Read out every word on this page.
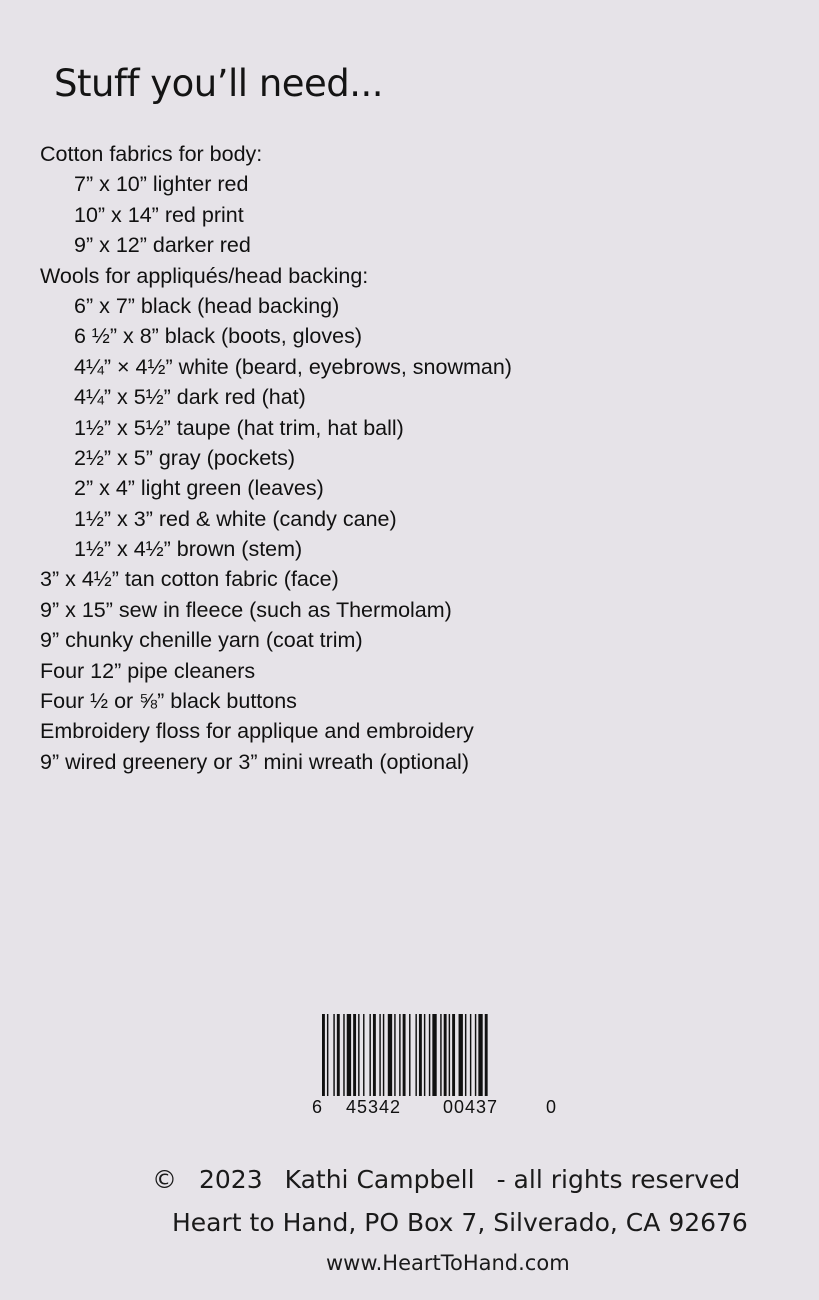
Stuff you’ll need...
Cotton fabrics for body:
7” x 10” lighter red
10” x 14” red print
9” x 12” darker red
Wools for appliqués/head backing:
6” x 7” black (head backing)
6 ½” x 8” black (boots, gloves)
4¼” × 4½” white (beard, eyebrows, snowman)
4¼” x 5½” dark red (hat)
1½” x 5½” taupe (hat trim, hat ball)
2½” x 5” gray (pockets)
2” x 4” light green (leaves)
1½” x 3” red & white (candy cane)
1½” x 4½” brown (stem)
3” x 4½” tan cotton fabric (face)
9” x 15” sew in fleece (such as Thermolam)
9” chunky chenille yarn (coat trim)
Four 12” pipe cleaners
Four ½ or ⅝” black buttons
Embroidery floss for applique and embroidery
9” wired greenery or 3” mini wreath (optional)
6 45342 00437	0
© 2023 Kathi Campbell - all rights reserved
Heart to Hand, PO Box 7, Silverado, CA 92676
www.HeartToHand.com
